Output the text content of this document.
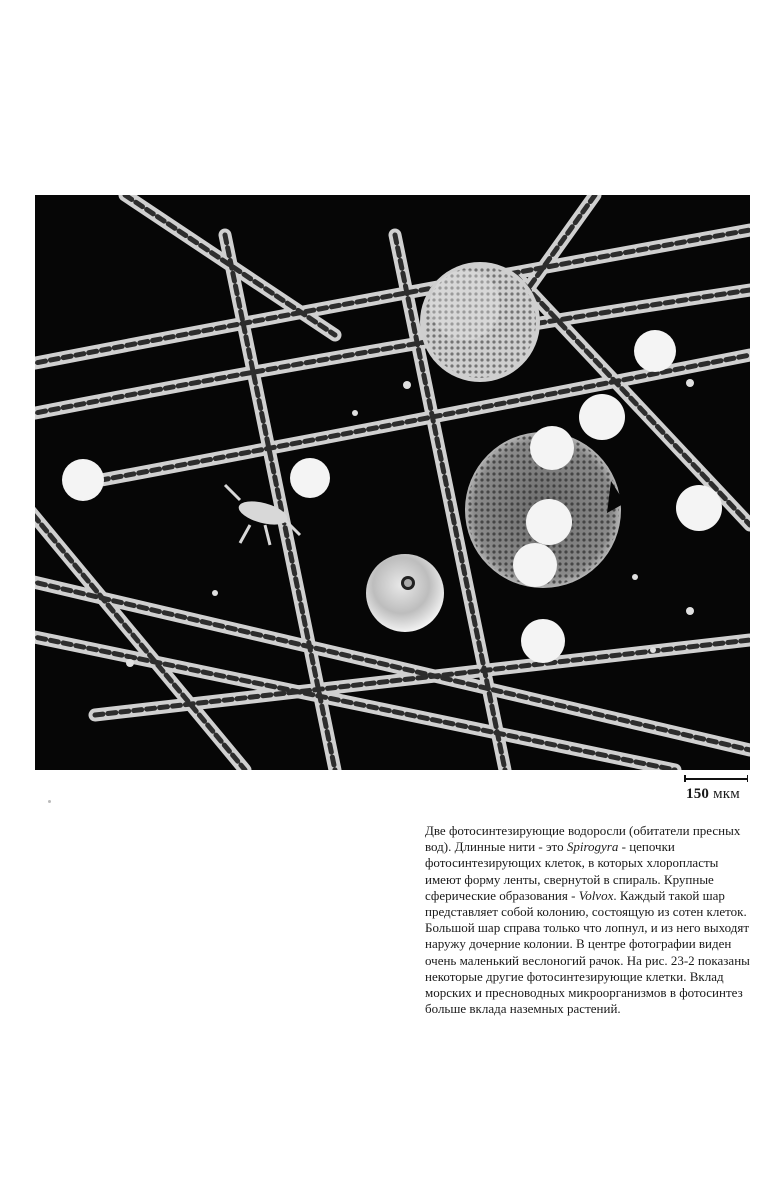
150 мкм

Две фотосинтезирующие водоросли (обитатели пресных вод). Длинные нити - это Spirogyra - цепочки фотосинтезирующих клеток, в которых хлоропласты имеют форму ленты, свернутой в спираль. Крупные сферические образования - Volvox. Каждый такой шар представляет собой колонию, состоящую из сотен клеток. Большой шар справа только что лопнул, и из него выходят наружу дочерние колонии. В центре фотографии виден очень маленький веслоногий рачок. На рис. 23-2 показаны некоторые другие фотосинтезирующие клетки. Вклад морских и пресноводных микроорганизмов в фотосинтез больше вклада наземных растений.
